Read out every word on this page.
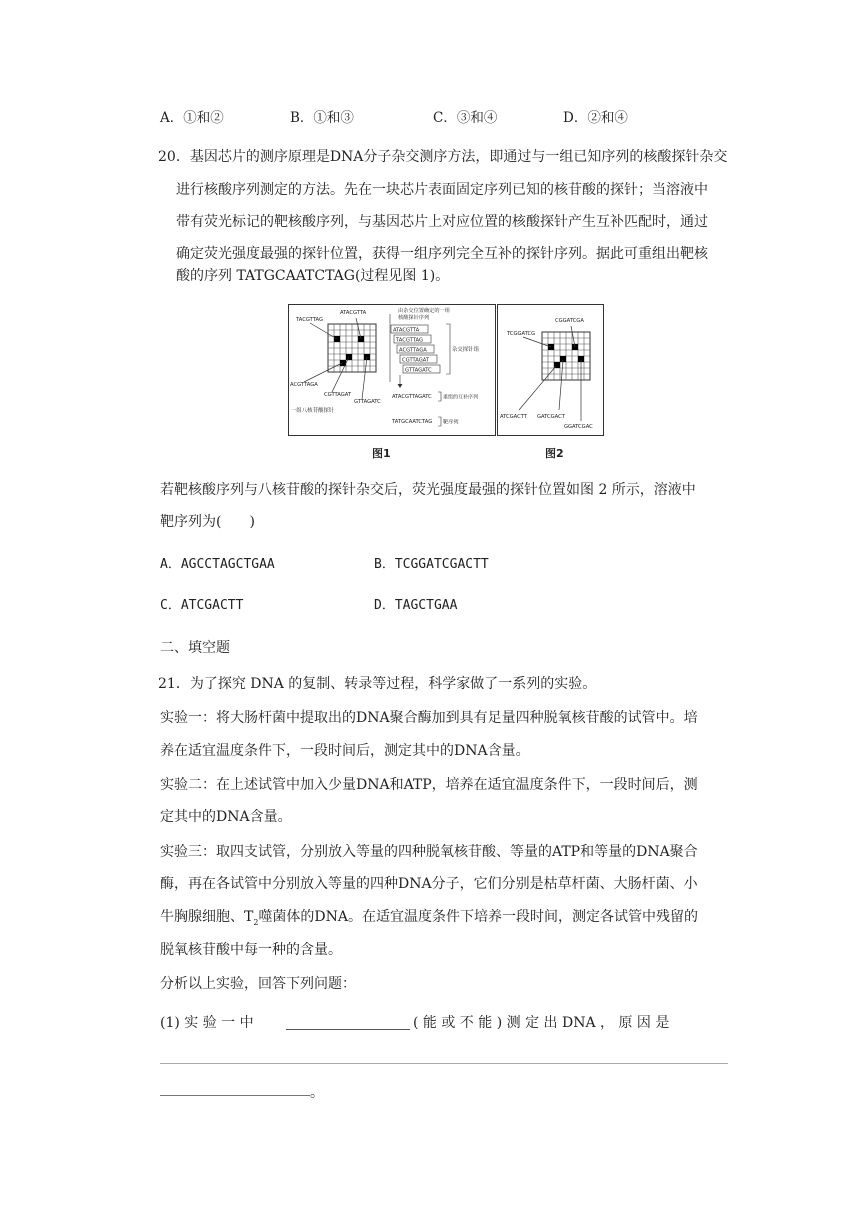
A．①和②	B．①和③	C．③和④	D．②和④
20．基因芯片的测序原理是DNA分子杂交测序方法，即通过与一组已知序列的核酸探针杂交
进行核酸序列测定的方法。先在一块芯片表面固定序列已知的核苷酸的探针；当溶液中
带有荧光标记的靶核酸序列，与基因芯片上对应位置的核酸探针产生互补匹配时，通过
确定荧光强度最强的探针位置，获得一组序列完全互补的探针序列。据此可重组出靶核
酸的序列 TATGCAATCTAG(过程见图 1)。
TACGTTAG
ATACGTTA
ACGTTAGA
CGTTAGAT
GTTAGATC
一组八核苷酸探针
由杂交位置确定的一组
核酸探针序列
ATACGTTA
TACGTTAG
ACGTTAGA
CGTTAGAT
GTTAGATC
杂交探针组
ATACGTTAGATC 重组的互补序列
TATGCAATCTAG 靶序列
TCGGATCG
CGGATCGA
ATCGACTT GATCGACT
GGATCGAC
图1	图2
若靶核酸序列与八核苷酸的探针杂交后，荧光强度最强的探针位置如图 2 所示，溶液中
靶序列为(　　)
A．AGCCTAGCTGAA	B．TCGGATCGACTT
C．ATCGACTT	D．TAGCTGAA
二、填空题
21．为了探究 DNA 的复制、转录等过程，科学家做了一系列的实验。
实验一：将大肠杆菌中提取出的DNA聚合酶加到具有足量四种脱氧核苷酸的试管中。培
养在适宜温度条件下，一段时间后，测定其中的DNA含量。
实验二：在上述试管中加入少量DNA和ATP，培养在适宜温度条件下，一段时间后，测
定其中的DNA含量。
实验三：取四支试管，分别放入等量的四种脱氧核苷酸、等量的ATP和等量的DNA聚合
酶，再在各试管中分别放入等量的四种DNA分子，它们分别是枯草杆菌、大肠杆菌、小
牛胸腺细胞、$T_2$噬菌体的DNA。在适宜温度条件下培养一段时间，测定各试管中残留的
脱氧核苷酸中每一种的含量。
分析以上实验，回答下列问题：
(1) 实 验 一 中	( 能 或 不 能 ) 测 定 出 DNA ， 原 因 是
。
